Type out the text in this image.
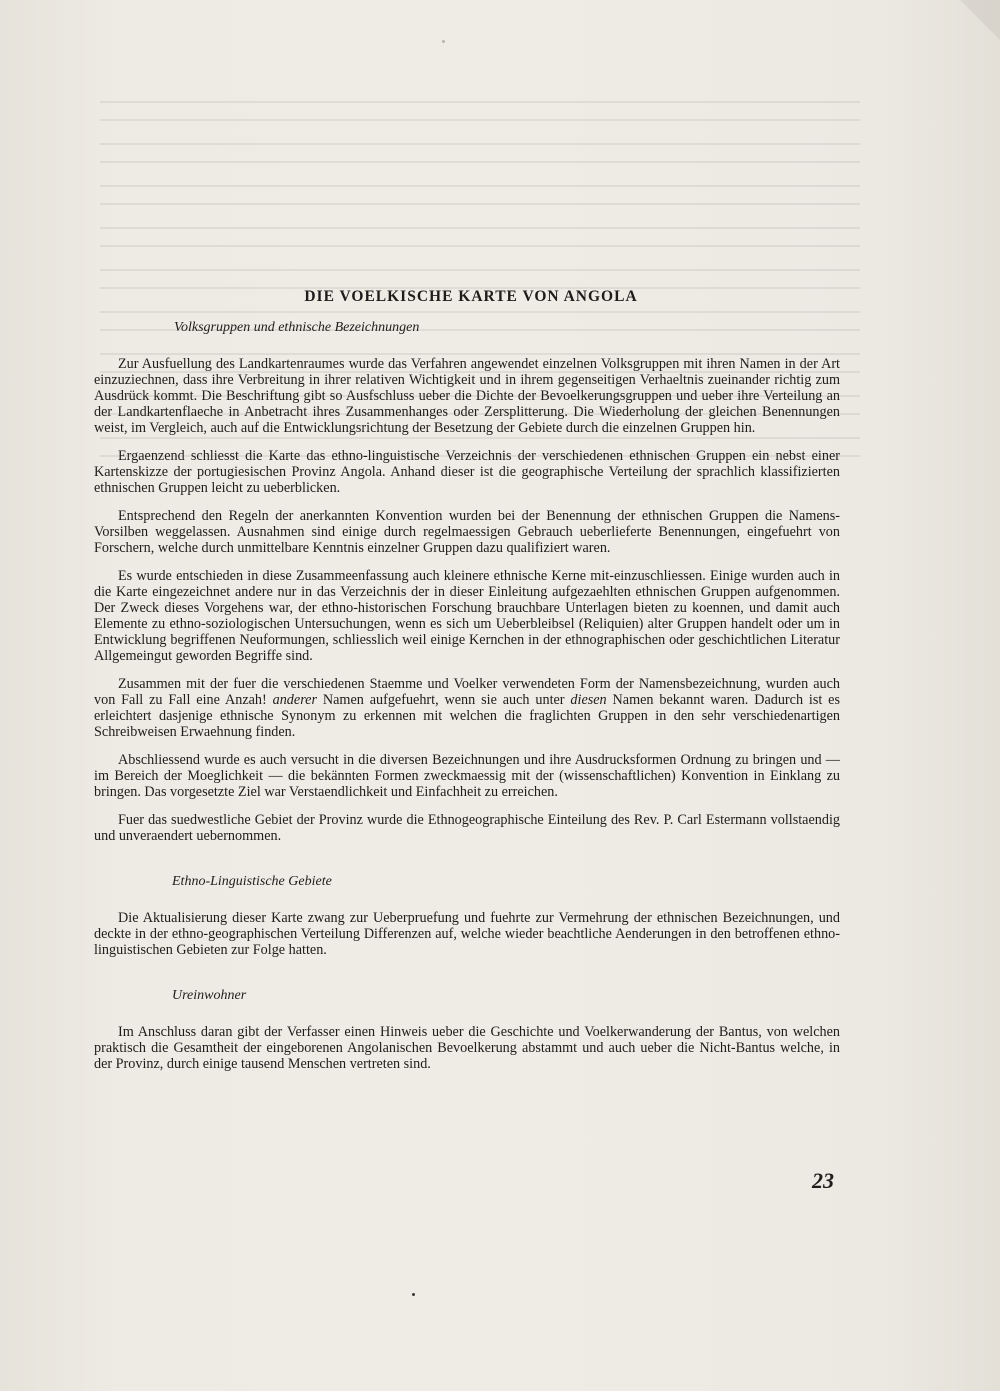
DIE VOELKISCHE KARTE VON ANGOLA
Volksgruppen und ethnische Bezeichnungen

Zur Ausfuellung des Landkartenraumes wurde das Verfahren angewendet einzelnen Volksgruppen mit ihren Namen in der Art einzuziechnen, dass ihre Verbreitung in ihrer relativen Wichtigkeit und in ihrem gegenseitigen Verhaeltnis zueinander richtig zum Ausdrück kommt. Die Beschriftung gibt so Ausfschluss ueber die Dichte der Bevoelkerungsgruppen und ueber ihre Verteilung an der Landkartenflaeche in Anbetracht ihres Zusammenhanges oder Zersplitterung. Die Wiederholung der gleichen Benennungen weist, im Vergleich, auch auf die Entwicklungsrichtung der Besetzung der Gebiete durch die einzelnen Gruppen hin.

Ergaenzend schliesst die Karte das ethno-linguistische Verzeichnis der verschiedenen ethnischen Gruppen ein nebst einer Kartenskizze der portugiesischen Provinz Angola. Anhand dieser ist die geographische Verteilung der sprachlich klassifizierten ethnischen Gruppen leicht zu ueberblicken.

Entsprechend den Regeln der anerkannten Konvention wurden bei der Benennung der ethnischen Gruppen die Namens-Vorsilben weggelassen. Ausnahmen sind einige durch regelmaessigen Gebrauch ueberlieferte Benennungen, eingefuehrt von Forschern, welche durch unmittelbare Kenntnis einzelner Gruppen dazu qualifiziert waren.

Es wurde entschieden in diese Zusammeenfassung auch kleinere ethnische Kerne mit-einzuschliessen. Einige wurden auch in die Karte eingezeichnet andere nur in das Verzeichnis der in dieser Einleitung aufgezaehlten ethnischen Gruppen aufgenommen. Der Zweck dieses Vorgehens war, der ethno-historischen Forschung brauchbare Unterlagen bieten zu koennen, und damit auch Elemente zu ethno-soziologischen Untersuchungen, wenn es sich um Ueberbleibsel (Reliquien) alter Gruppen handelt oder um in Entwicklung begriffenen Neuformungen, schliesslich weil einige Kernchen in der ethnographischen oder geschichtlichen Literatur Allgemeingut geworden Begriffe sind.

Zusammen mit der fuer die verschiedenen Staemme und Voelker verwendeten Form der Namensbezeichnung, wurden auch von Fall zu Fall eine Anzah! anderer Namen aufgefuehrt, wenn sie auch unter diesen Namen bekannt waren. Dadurch ist es erleichtert dasjenige ethnische Synonym zu erkennen mit welchen die fraglichten Gruppen in den sehr verschiedenartigen Schreibweisen Erwaehnung finden.

Abschliessend wurde es auch versucht in die diversen Bezeichnungen und ihre Ausdrucksformen Ordnung zu bringen und — im Bereich der Moeglichkeit — die bekännten Formen zweckmaessig mit der (wissenschaftlichen) Konvention in Einklang zu bringen. Das vorgesetzte Ziel war Verstaendlichkeit und Einfachheit zu erreichen.

Fuer das suedwestliche Gebiet der Provinz wurde die Ethnogeographische Einteilung des Rev. P. Carl Estermann vollstaendig und unveraendert uebernommen.

Ethno-Linguistische Gebiete

Die Aktualisierung dieser Karte zwang zur Ueberpruefung und fuehrte zur Vermehrung der ethnischen Bezeichnungen, und deckte in der ethno-geographischen Verteilung Differenzen auf, welche wieder beachtliche Aenderungen in den betroffenen ethno-linguistischen Gebieten zur Folge hatten.

Ureinwohner

Im Anschluss daran gibt der Verfasser einen Hinweis ueber die Geschichte und Voelkerwanderung der Bantus, von welchen praktisch die Gesamtheit der eingeborenen Angolanischen Bevoelkerung abstammt und auch ueber die Nicht-Bantus welche, in der Provinz, durch einige tausend Menschen vertreten sind.

23
